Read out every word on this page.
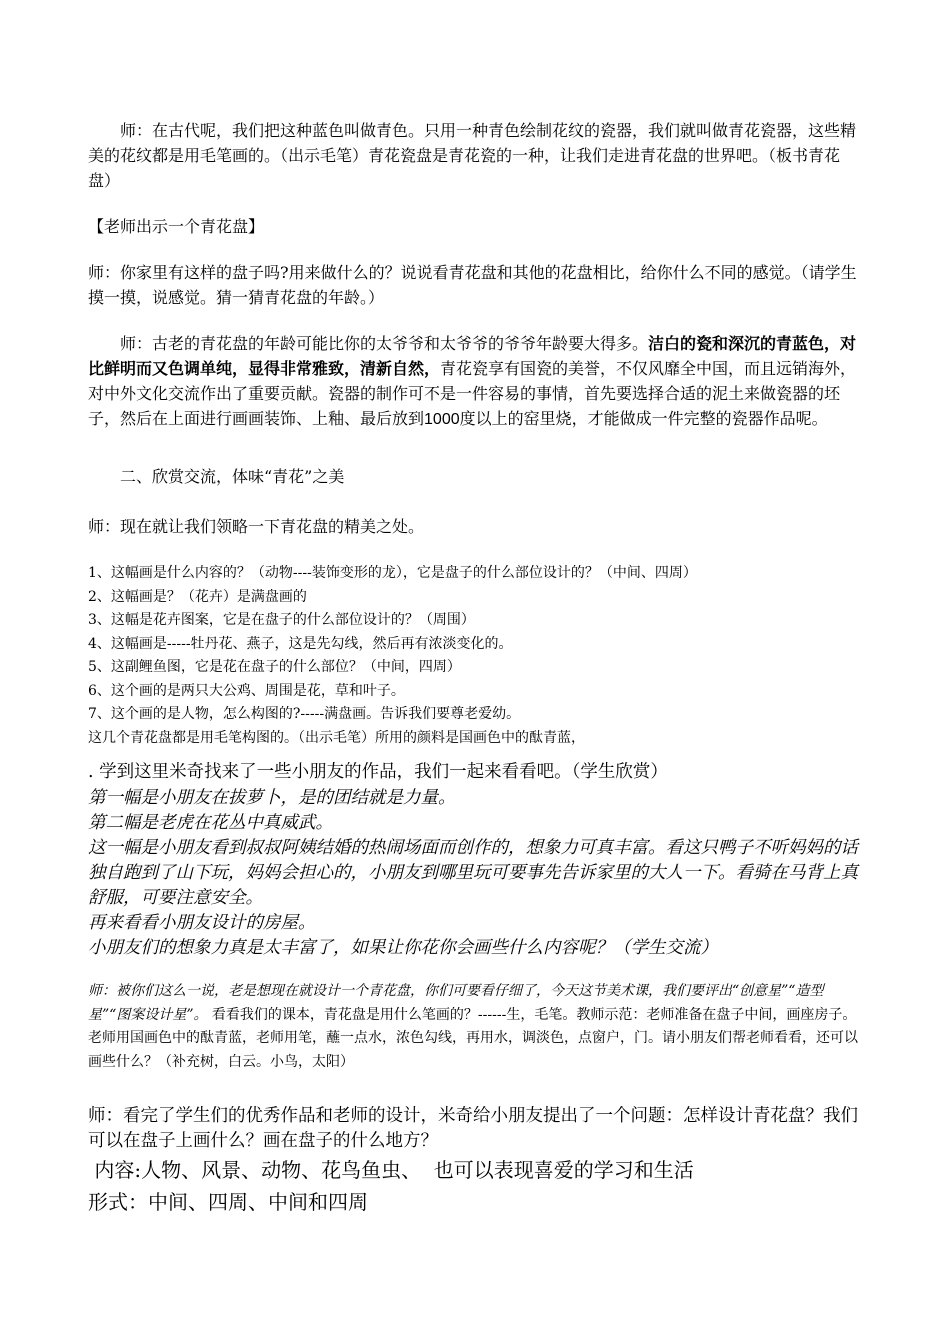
师：在古代呢，我们把这种蓝色叫做青色。只用一种青色绘制花纹的瓷器，我们就叫做青花瓷器，这些精美的花纹都是用毛笔画的。（出示毛笔）青花瓷盘是青花瓷的一种，让我们走进青花盘的世界吧。（板书青花盘）

【老师出示一个青花盘】

师：你家里有这样的盘子吗?用来做什么的？说说看青花盘和其他的花盘相比，给你什么不同的感觉。（请学生摸一摸，说感觉。猜一猜青花盘的年龄。）

师：古老的青花盘的年龄可能比你的太爷爷和太爷爷的爷爷年龄要大得多。洁白的瓷和深沉的青蓝色，对比鲜明而又色调单纯，显得非常雅致，清新自然，青花瓷享有国瓷的美誉，不仅风靡全中国，而且远销海外，对中外文化交流作出了重要贡献。瓷器的制作可不是一件容易的事情，首先要选择合适的泥土来做瓷器的坯子，然后在上面进行画画装饰、上釉、最后放到1000度以上的窑里烧，才能做成一件完整的瓷器作品呢。

二、欣赏交流，体味“青花”之美

师：现在就让我们领略一下青花盘的精美之处。

1、这幅画是什么内容的？（动物----装饰变形的龙），它是盘子的什么部位设计的？（中间、四周）
2、这幅画是？（花卉）是满盘画的
3、这幅是花卉图案，它是在盘子的什么部位设计的？（周围）
4、这幅画是-----牡丹花、燕子，这是先勾线，然后再有浓淡变化的。
5、这副鲤鱼图，它是花在盘子的什么部位？（中间，四周）
6、这个画的是两只大公鸡、周围是花，草和叶子。
7、这个画的是人物，怎么构图的?-----满盘画。告诉我们要尊老爱幼。
这几个青花盘都是用毛笔构图的。（出示毛笔）所用的颜料是国画色中的酞青蓝，

. 学到这里米奇找来了一些小朋友的作品，我们一起来看看吧。（学生欣赏）

第一幅是小朋友在拔萝卜，是的团结就是力量。
第二幅是老虎在花丛中真威武。
这一幅是小朋友看到叔叔阿姨结婚的热闹场面而创作的，想象力可真丰富。看这只鸭子不听妈妈的话独自跑到了山下玩，妈妈会担心的，小朋友到哪里玩可要事先告诉家里的大人一下。看骑在马背上真舒服，可要注意安全。
再来看看小朋友设计的房屋。
小朋友们的想象力真是太丰富了，如果让你花你会画些什么内容呢？（学生交流）

师：被你们这么一说，老是想现在就设计一个青花盘，你们可要看仔细了，今天这节美术课，我们要评出“创意星”“造型星”“图案设计星”。 看看我们的课本，青花盘是用什么笔画的？------生，毛笔。教师示范：老师准备在盘子中间，画座房子。老师用国画色中的酞青蓝，老师用笔，蘸一点水，浓色勾线，再用水，调淡色，点窗户，门。请小朋友们帮老师看看，还可以画些什么？（补充树，白云。小鸟，太阳）

师：看完了学生们的优秀作品和老师的设计，米奇给小朋友提出了一个问题：怎样设计青花盘？我们可以在盘子上画什么？画在盘子的什么地方？

内容:人物、风景、动物、花鸟鱼虫、  也可以表现喜爱的学习和生活

形式：中间、四周、中间和四周
